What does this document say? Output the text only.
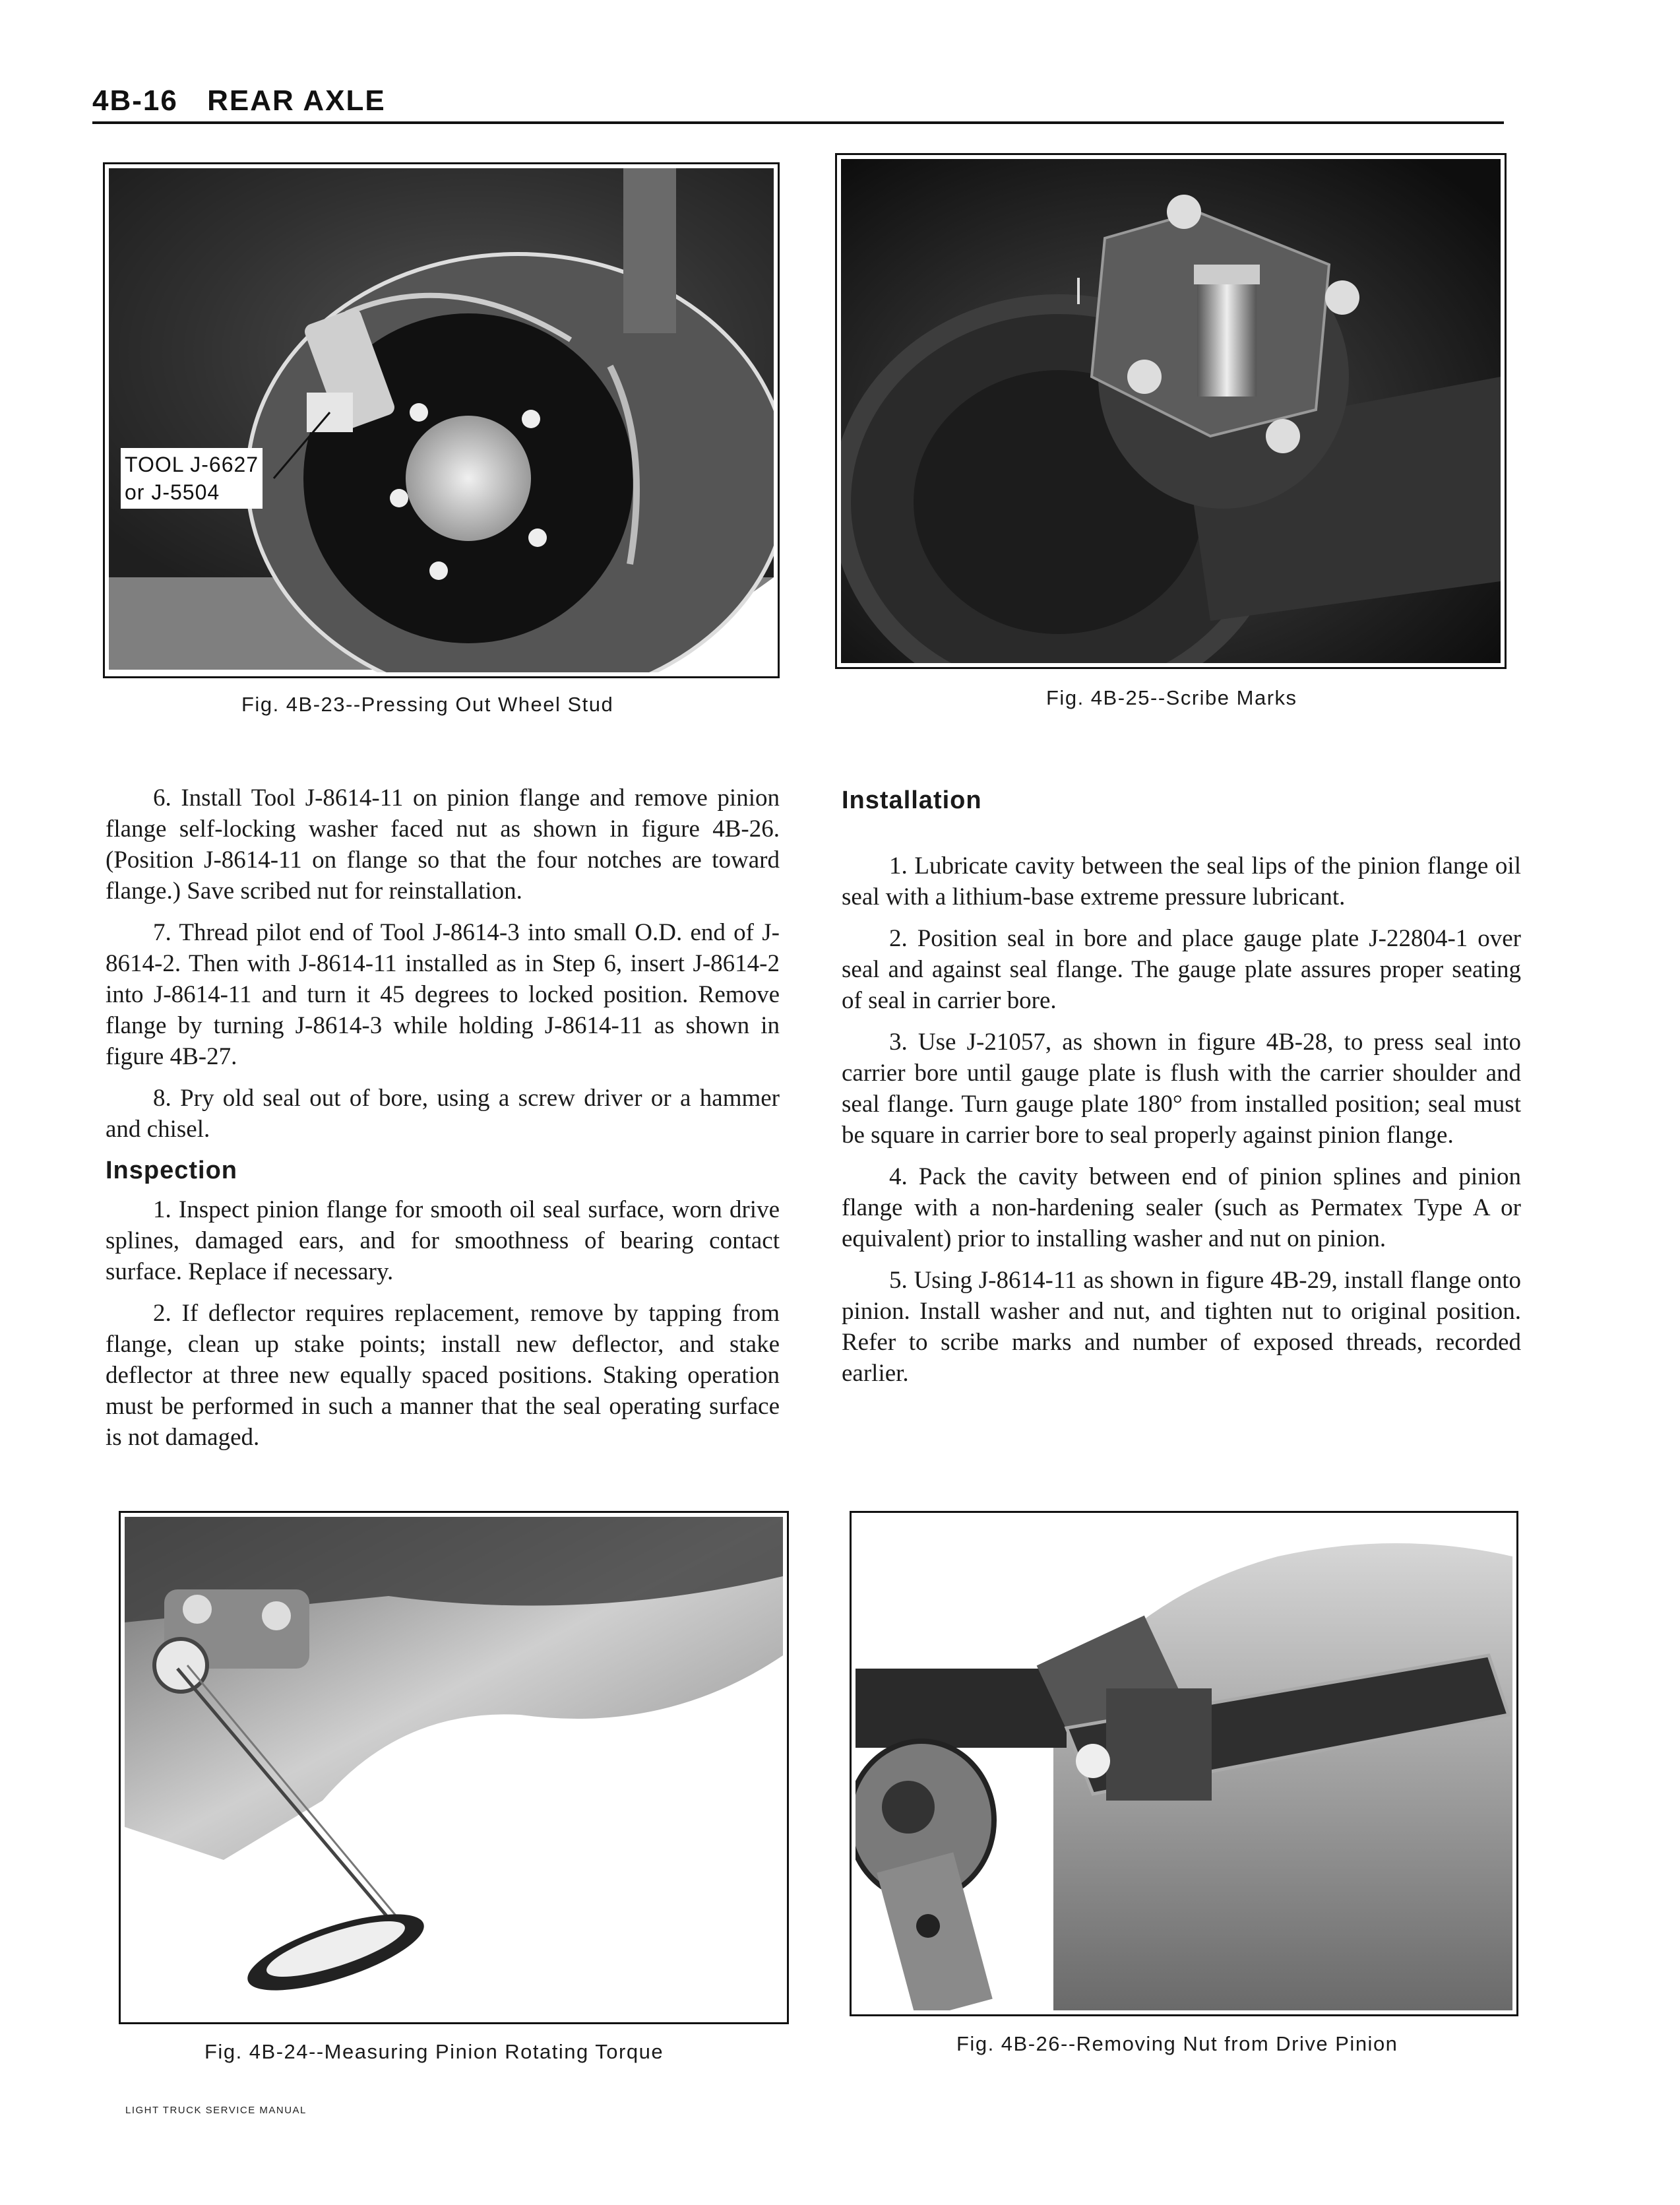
4B-16 REAR AXLE
TOOL J-6627
or J-5504
Fig. 4B-23--Pressing Out Wheel Stud	Fig. 4B-25--Scribe Marks

6. Install Tool J-8614-11 on pinion flange and remove pinion flange self-locking washer faced nut as shown in figure 4B-26. (Position J-8614-11 on flange so that the four notches are toward flange.) Save scribed nut for reinstallation.

7. Thread pilot end of Tool J-8614-3 into small O.D. end of J-8614-2. Then with J-8614-11 installed as in Step 6, insert J-8614-2 into J-8614-11 and turn it 45 degrees to locked position. Remove flange by turning J-8614-3 while holding J-8614-11 as shown in figure 4B-27.

8. Pry old seal out of bore, using a screw driver or a hammer and chisel.

Inspection

1. Inspect pinion flange for smooth oil seal surface, worn drive splines, damaged ears, and for smoothness of bearing contact surface. Replace if necessary.

2. If deflector requires replacement, remove by tapping from flange, clean up stake points; install new deflector, and stake deflector at three new equally spaced positions. Staking operation must be performed in such a manner that the seal operating surface is not damaged.

Installation

1. Lubricate cavity between the seal lips of the pinion flange oil seal with a lithium-base extreme pressure lubricant.

2. Position seal in bore and place gauge plate J-22804-1 over seal and against seal flange. The gauge plate assures proper seating of seal in carrier bore.

3. Use J-21057, as shown in figure 4B-28, to press seal into carrier bore until gauge plate is flush with the carrier shoulder and seal flange. Turn gauge plate 180° from installed position; seal must be square in carrier bore to seal properly against pinion flange.

4. Pack the cavity between end of pinion splines and pinion flange with a non-hardening sealer (such as Permatex Type A or equivalent) prior to installing washer and nut on pinion.

5. Using J-8614-11 as shown in figure 4B-29, install flange onto pinion. Install washer and nut, and tighten nut to original position. Refer to scribe marks and number of exposed threads, recorded earlier.

Fig. 4B-24--Measuring Pinion Rotating Torque	Fig. 4B-26--Removing Nut from Drive Pinion
LIGHT TRUCK SERVICE MANUAL
